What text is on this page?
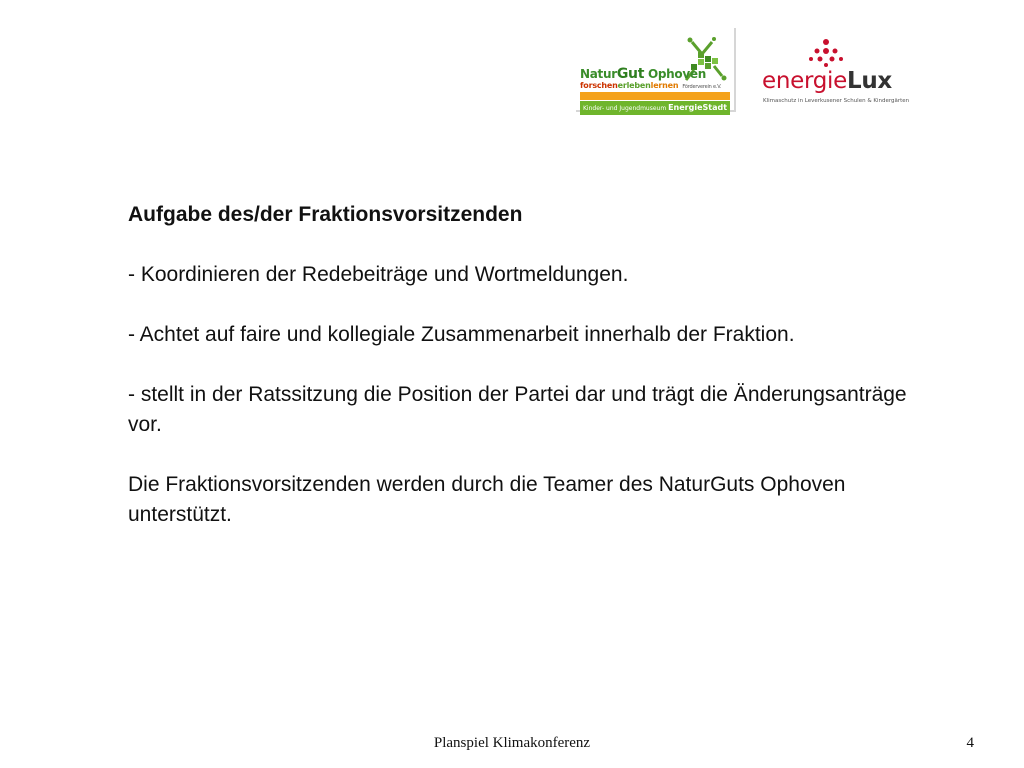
NaturGut Ophoven
forschenerlebenlernen Förderverein e.V.
Kinder- und Jugendmuseum EnergieStadt
energieLux
Klimaschutz in Leverkusener Schulen & Kindergärten

Aufgabe des/der Fraktionsvorsitzenden

- Koordinieren der Redebeiträge und Wortmeldungen.

- Achtet auf faire und kollegiale Zusammenarbeit innerhalb der Fraktion.

- stellt in der Ratssitzung die Position der Partei dar und trägt die Änderungsanträge vor.

Die Fraktionsvorsitzenden werden durch die Teamer des NaturGuts Ophoven unterstützt.

Planspiel Klimakonferenz	4
